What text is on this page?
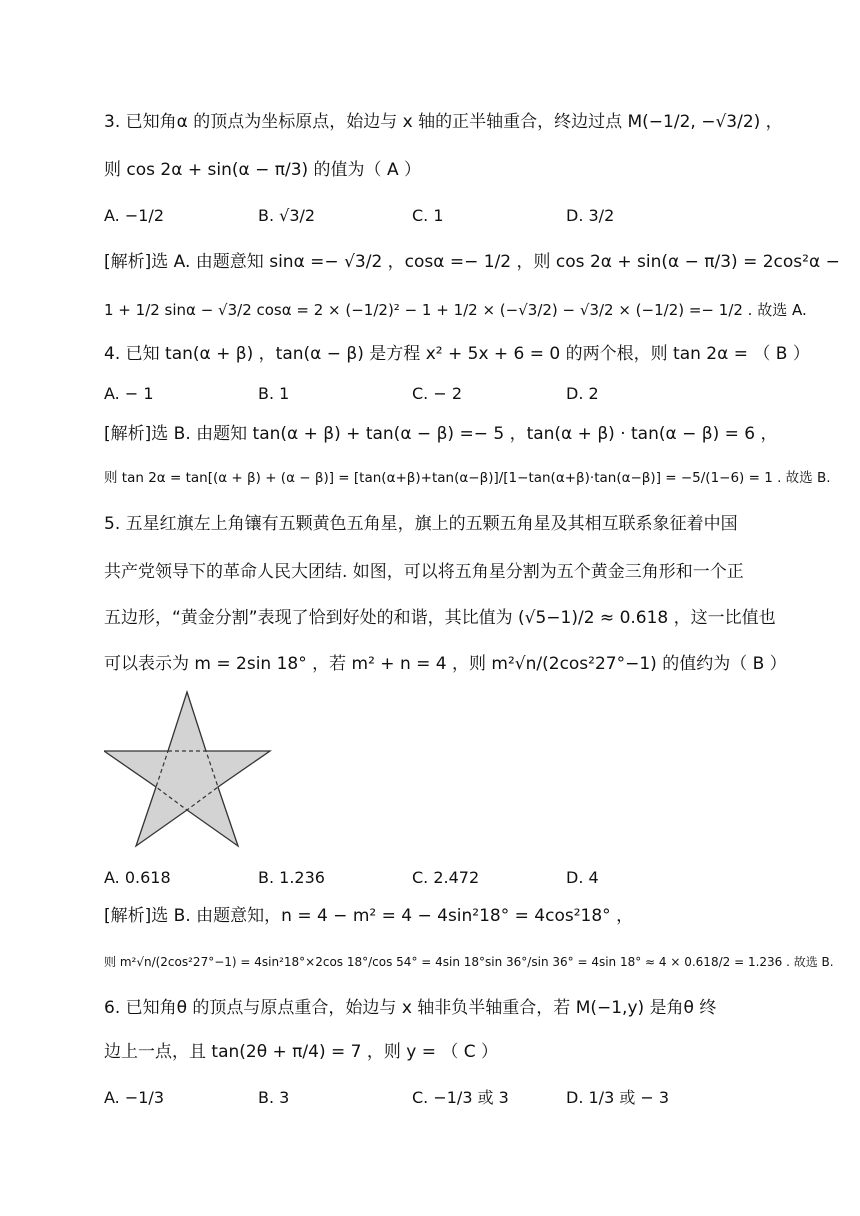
3. 已知角α 的顶点为坐标原点，始边与 x 轴的正半轴重合，终边过点 M(−1/2, −√3/2) ，
则 cos 2α + sin(α − π/3) 的值为（ A ）
A. −1/2	B. √3/2	C. 1	D. 3/2
[解析]选 A. 由题意知 sinα =− √3/2 ，cosα =− 1/2 ，则 cos 2α + sin(α − π/3) = 2cos²α −
1 + 1/2 sinα − √3/2 cosα = 2 × (−1/2)² − 1 + 1/2 × (−√3/2) − √3/2 × (−1/2) =− 1/2 . 故选 A.
4. 已知 tan(α + β) ，tan(α − β) 是方程 x² + 5x + 6 = 0 的两个根，则 tan 2α = （ B ）
A. − 1	B. 1	C. − 2	D. 2
[解析]选 B. 由题知 tan(α + β) + tan(α − β) =− 5 ，tan(α + β) · tan(α − β) = 6 ，
则 tan 2α = tan[(α + β) + (α − β)] = [tan(α+β)+tan(α−β)]/[1−tan(α+β)·tan(α−β)] = −5/(1−6) = 1 . 故选 B.
5. 五星红旗左上角镶有五颗黄色五角星，旗上的五颗五角星及其相互联系象征着中国
共产党领导下的革命人民大团结. 如图，可以将五角星分割为五个黄金三角形和一个正
五边形，“黄金分割”表现了恰到好处的和谐，其比值为 (√5−1)/2 ≈ 0.618 ，这一比值也
可以表示为 m = 2sin 18° ，若 m² + n = 4 ，则 m²√n/(2cos²27°−1) 的值约为（ B ）
A. 0.618	B. 1.236	C. 2.472	D. 4
[解析]选 B. 由题意知，n = 4 − m² = 4 − 4sin²18° = 4cos²18° ，
则 m²√n/(2cos²27°−1) = 4sin²18°×2cos 18°/cos 54° = 4sin 18°sin 36°/sin 36° = 4sin 18° ≈ 4 × 0.618/2 = 1.236 . 故选 B.
6. 已知角θ 的顶点与原点重合，始边与 x 轴非负半轴重合，若 M(−1,y) 是角θ 终
边上一点，且 tan(2θ + π/4) = 7 ，则 y = （ C ）
A. −1/3	B. 3	C. −1/3 或 3	D. 1/3 或 − 3
